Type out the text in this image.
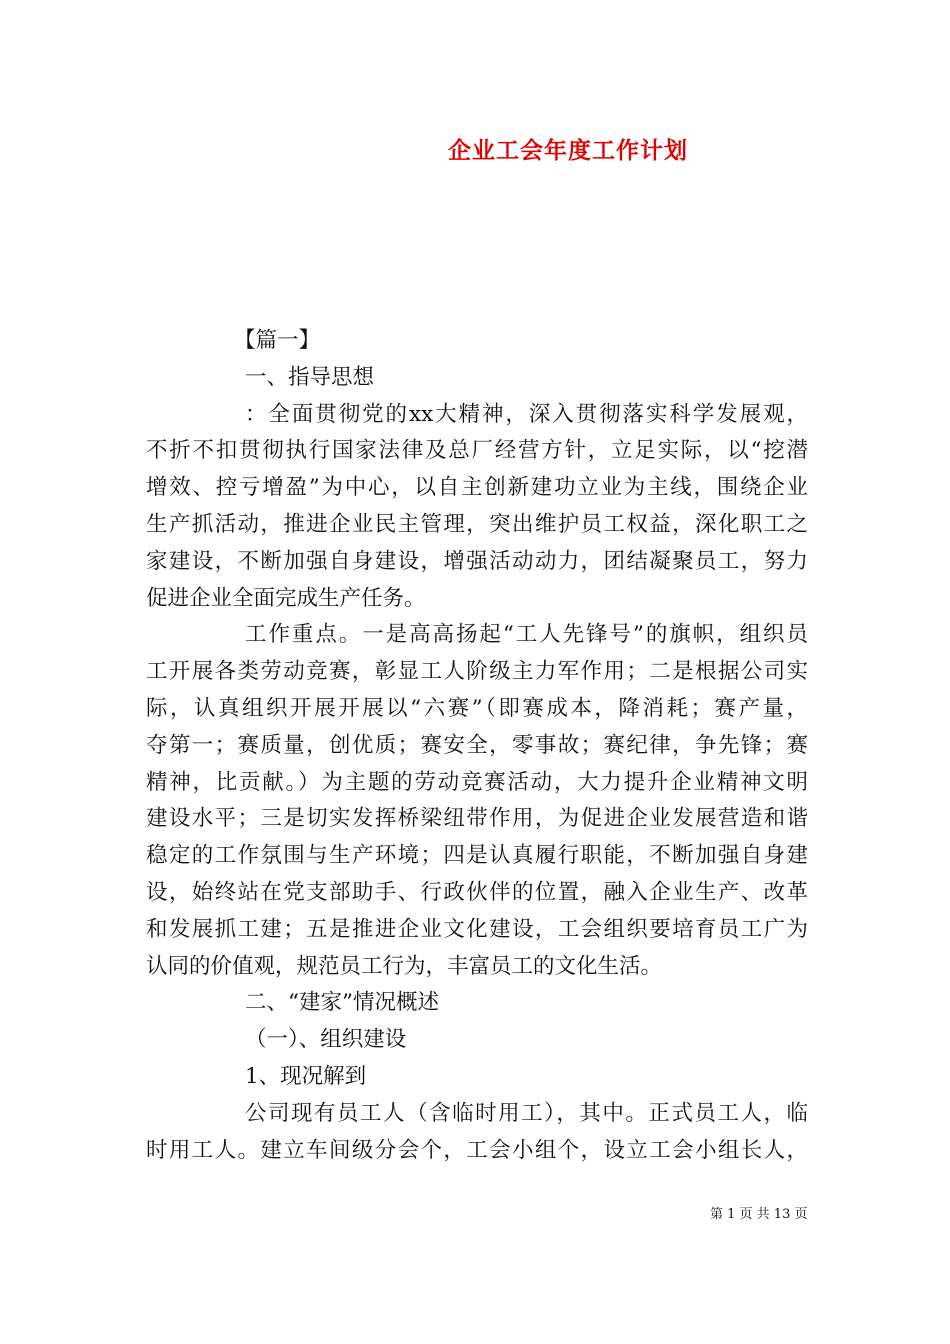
企业工会年度工作计划
【篇一】
一、指导思想
：全面贯彻党的xx大精神，深入贯彻落实科学发展观，
不折不扣贯彻执行国家法律及总厂经营方针，立足实际，以“挖潜
增效、控亏增盈”为中心，以自主创新建功立业为主线，围绕企业
生产抓活动，推进企业民主管理，突出维护员工权益，深化职工之
家建设，不断加强自身建设，增强活动动力，团结凝聚员工，努力
促进企业全面完成生产任务。
工作重点。一是高高扬起“工人先锋号”的旗帜，组织员
工开展各类劳动竞赛，彰显工人阶级主力军作用；二是根据公司实
际，认真组织开展开展以“六赛”（即赛成本，降消耗；赛产量，
夺第一；赛质量，创优质；赛安全，零事故；赛纪律，争先锋；赛
精神，比贡献。）为主题的劳动竞赛活动，大力提升企业精神文明
建设水平；三是切实发挥桥梁纽带作用，为促进企业发展营造和谐
稳定的工作氛围与生产环境；四是认真履行职能，不断加强自身建
设，始终站在党支部助手、行政伙伴的位置，融入企业生产、改革
和发展抓工建；五是推进企业文化建设，工会组织要培育员工广为
认同的价值观，规范员工行为，丰富员工的文化生活。
二、“建家”情况概述
（一）、组织建设
1、现况解到
公司现有员工人（含临时用工），其中。正式员工人，临
时用工人。建立车间级分会个，工会小组个，设立工会小组长人，
第 1 页 共 13 页
